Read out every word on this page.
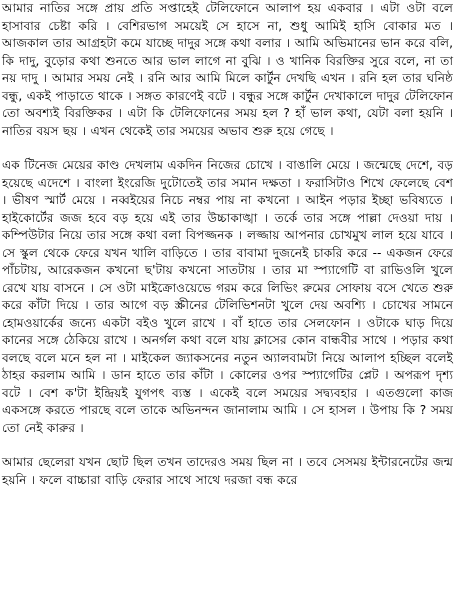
আমার নাতির সঙ্গে প্রায় প্রতি সপ্তাহেই টেলিফোনে আলাপ হয় একবার । এটা ওটা বলে হাসাবার চেষ্টা করি । বেশিরভাগ সময়েই সে হাসে না, শুধু আমিই হাসি বোকার মত । আজকাল তার আগ্রহটা কমে যাচ্ছে দাদুর সঙ্গে কথা বলার । আমি অভিমানের ভান করে বলি, কি দাদু, বুড়োর কথা শুনতে আর ভাল লাগে না বুঝি । ও খানিক বিরক্তির সুরে বলে, না তা নয় দাদু । আমার সময় নেই । রনি আর আমি মিলে কার্টুন দেখছি এখন । রনি হল তার ঘনিষ্ঠ বন্ধু, একই পাড়াতে থাকে । সঙ্গত কারণেই বটে । বন্ধুর সঙ্গে কার্টুন দেখাকালে দাদুর টেলিফোন তো অবশ্যই বিরক্তিকর । এটা কি টেলিফোনের সময় হল ? হাঁ ভাল কথা, যেটা বলা হয়নি । নাতির বয়স ছয় । এখন থেকেই তার সময়ের অভাব শুরু হয়ে গেছে ।

এক টিনেজ মেয়ের কাণ্ড দেখলাম একদিন নিজের চোখে । বাঙালি মেয়ে । জন্মেছে দেশে, বড় হয়েছে এদেশে । বাংলা ইংরেজি দুটোতেই তার সমান দক্ষতা । ফরাসিটাও শিখে ফেলেছে বেশ । ভীষণ স্মার্ট মেয়ে । নব্বইয়ের নিচে নম্বর পায় না কখনো । আইন পড়ার ইচ্ছা ভবিষ্যতে । হাইকোর্টের জজ হবে বড় হয়ে এই তার উচ্চাকাঙ্খা । তর্কে তার সঙ্গে পাল্লা দেওয়া দায় । কম্পিউটার নিয়ে তার সঙ্গে কথা বলা বিপজ্জনক । লজ্জায় আপনার চোখমুখ লাল হয়ে যাবে । সে স্কুল থেকে ফেরে যখন খালি বাড়িতে । তার বাবামা দুজনেই চাকরি করে -- একজন ফেরে পাঁচটায়, আরেকজন কখনো ছ'টায় কখনো সাতটায় । তার মা স্প্যাগেটি বা রাভিওলি খুলে রেখে যায় বাসনে । সে ওটা মাইক্রোওয়েভে গরম করে লিভিং রুমের সোফায় বসে খেতে শুরু করে কাঁটা দিয়ে । তার আগে বড় স্ক্রীনের টেলিভিশনটা খুলে দেয় অবশ্যি । চোখের সামনে হোমওয়ার্কের জন্যে একটা বইও খুলে রাখে । বাঁ হাতে তার সেলফোন । ওটাকে ঘাড় দিয়ে কানের সঙ্গে ঠেকিয়ে রাখে । অনর্গল কথা বলে যায় ক্লাসের কোন বান্ধবীর সাথে । পড়ার কথা বলছে বলে মনে হল না । মাইকেল জ্যাকসনের নতুন অ্যালবামটা নিয়ে আলাপ হচ্ছিল বলেই ঠাহর করলাম আমি । ডান হাতে তার কাঁটা । কোলের ওপর স্প্যাগেটির প্লেট । অপরূপ দৃশ্য বটে । বেশ ক'টা ইন্দ্রিয়ই যুগপৎ ব্যস্ত । একেই বলে সময়ের সদ্ব্যবহার । এতগুলো কাজ একসঙ্গে করতে পারছে বলে তাকে অভিনন্দন জানালাম আমি । সে হাসল । উপায় কি ? সময় তো নেই কারুর ।

আমার ছেলেরা যখন ছোট ছিল তখন তাদেরও সময় ছিল না । তবে সেসময় ইন্টারনেটের জন্ম হয়নি । ফলে বাচ্চারা বাড়ি ফেরার সাথে সাথে দরজা বন্ধ করে
